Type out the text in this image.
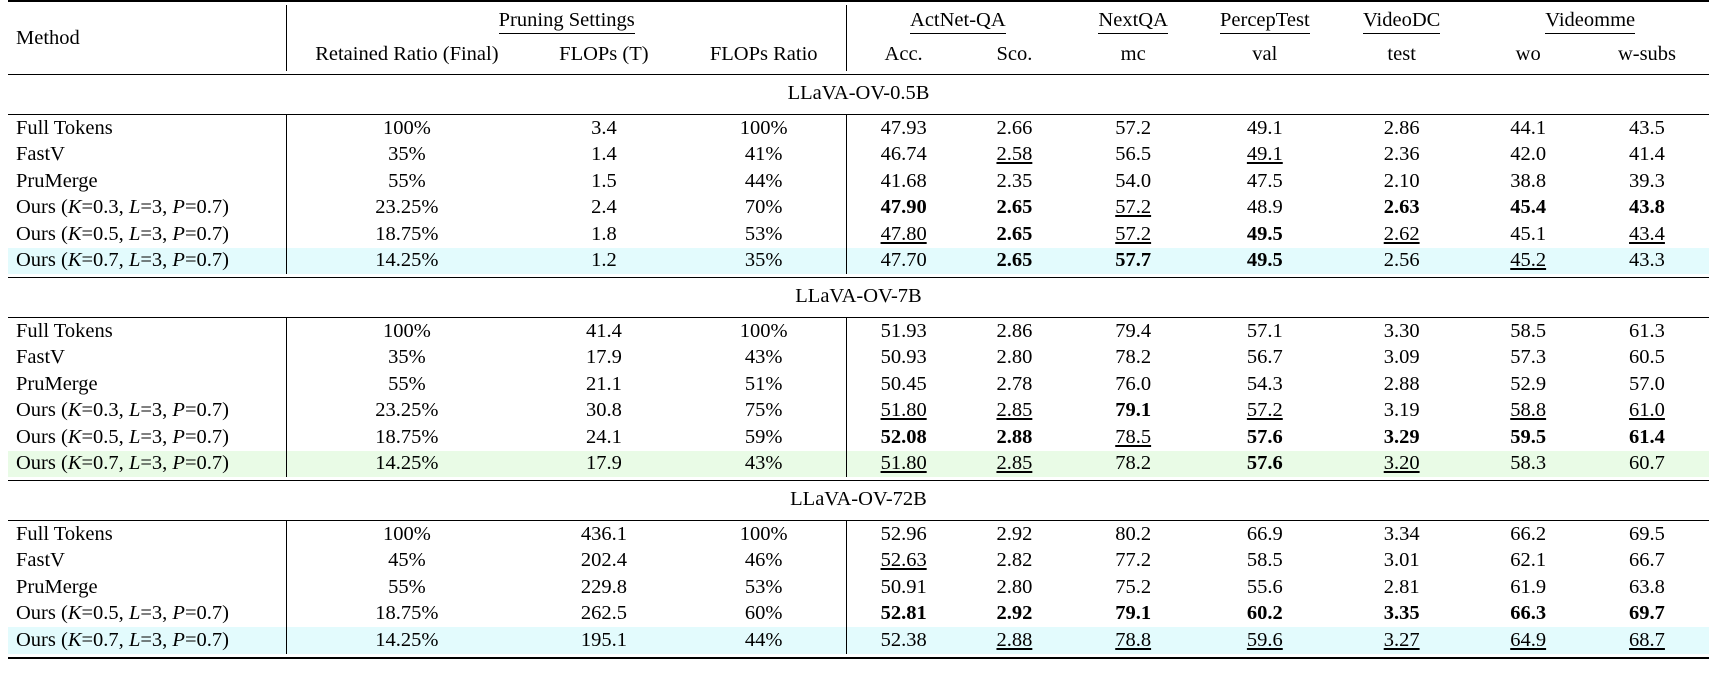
Method	Pruning Settings			ActNet-QA		NextQA	PercepTest	VideoDC	Videomme	
	Retained Ratio (Final)	FLOPs (T)	FLOPs Ratio	Acc.	Sco.	mc	val	test	wo	w-subs

LLaVA-OV-0.5B										

Full Tokens	100%	3.4	100%	47.93	2.66	57.2	49.1	2.86	44.1	43.5
FastV	35%	1.4	41%	46.74	2.58	56.5	49.1	2.36	42.0	41.4
PruMerge	55%	1.5	44%	41.68	2.35	54.0	47.5	2.10	38.8	39.3
Ours (K=0.3, L=3, P=0.7)	23.25%	2.4	70%	47.90	2.65	57.2	48.9	2.63	45.4	43.8
Ours (K=0.5, L=3, P=0.7)	18.75%	1.8	53%	47.80	2.65	57.2	49.5	2.62	45.1	43.4
Ours (K=0.7, L=3, P=0.7)	14.25%	1.2	35%	47.70	2.65	57.7	49.5	2.56	45.2	43.3

LLaVA-OV-7B										

Full Tokens	100%	41.4	100%	51.93	2.86	79.4	57.1	3.30	58.5	61.3
FastV	35%	17.9	43%	50.93	2.80	78.2	56.7	3.09	57.3	60.5
PruMerge	55%	21.1	51%	50.45	2.78	76.0	54.3	2.88	52.9	57.0
Ours (K=0.3, L=3, P=0.7)	23.25%	30.8	75%	51.80	2.85	79.1	57.2	3.19	58.8	61.0
Ours (K=0.5, L=3, P=0.7)	18.75%	24.1	59%	52.08	2.88	78.5	57.6	3.29	59.5	61.4
Ours (K=0.7, L=3, P=0.7)	14.25%	17.9	43%	51.80	2.85	78.2	57.6	3.20	58.3	60.7

LLaVA-OV-72B										

Full Tokens	100%	436.1	100%	52.96	2.92	80.2	66.9	3.34	66.2	69.5
FastV	45%	202.4	46%	52.63	2.82	77.2	58.5	3.01	62.1	66.7
PruMerge	55%	229.8	53%	50.91	2.80	75.2	55.6	2.81	61.9	63.8
Ours (K=0.5, L=3, P=0.7)	18.75%	262.5	60%	52.81	2.92	79.1	60.2	3.35	66.3	69.7
Ours (K=0.7, L=3, P=0.7)	14.25%	195.1	44%	52.38	2.88	78.8	59.6	3.27	64.9	68.7
